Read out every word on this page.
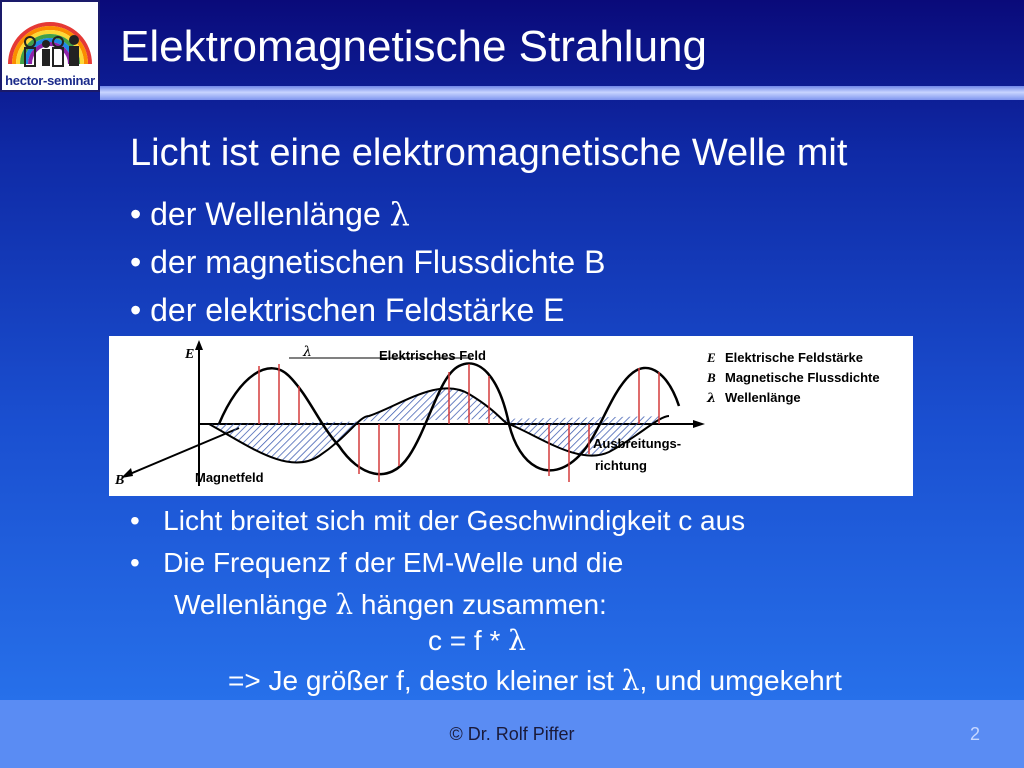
hector-seminar
Elektromagnetische Strahlung
Licht ist eine elektromagnetische Welle mit
• der Wellenlänge λ
• der magnetischen Flussdichte B
• der elektrischen Feldstärke E
E
B
λ	Elektrisches Feld
Magnetfeld
Ausbreitungs-
richtung
E Elektrische Feldstärke
B Magnetische Flussdichte
λ Wellenlänge
• Licht breitet sich mit der Geschwindigkeit c aus
• Die Frequenz f der EM-Welle und die
Wellenlänge λ hängen zusammen:
c = f * λ
=> Je größer f, desto kleiner ist λ, und umgekehrt
© Dr. Rolf Piffer	2
